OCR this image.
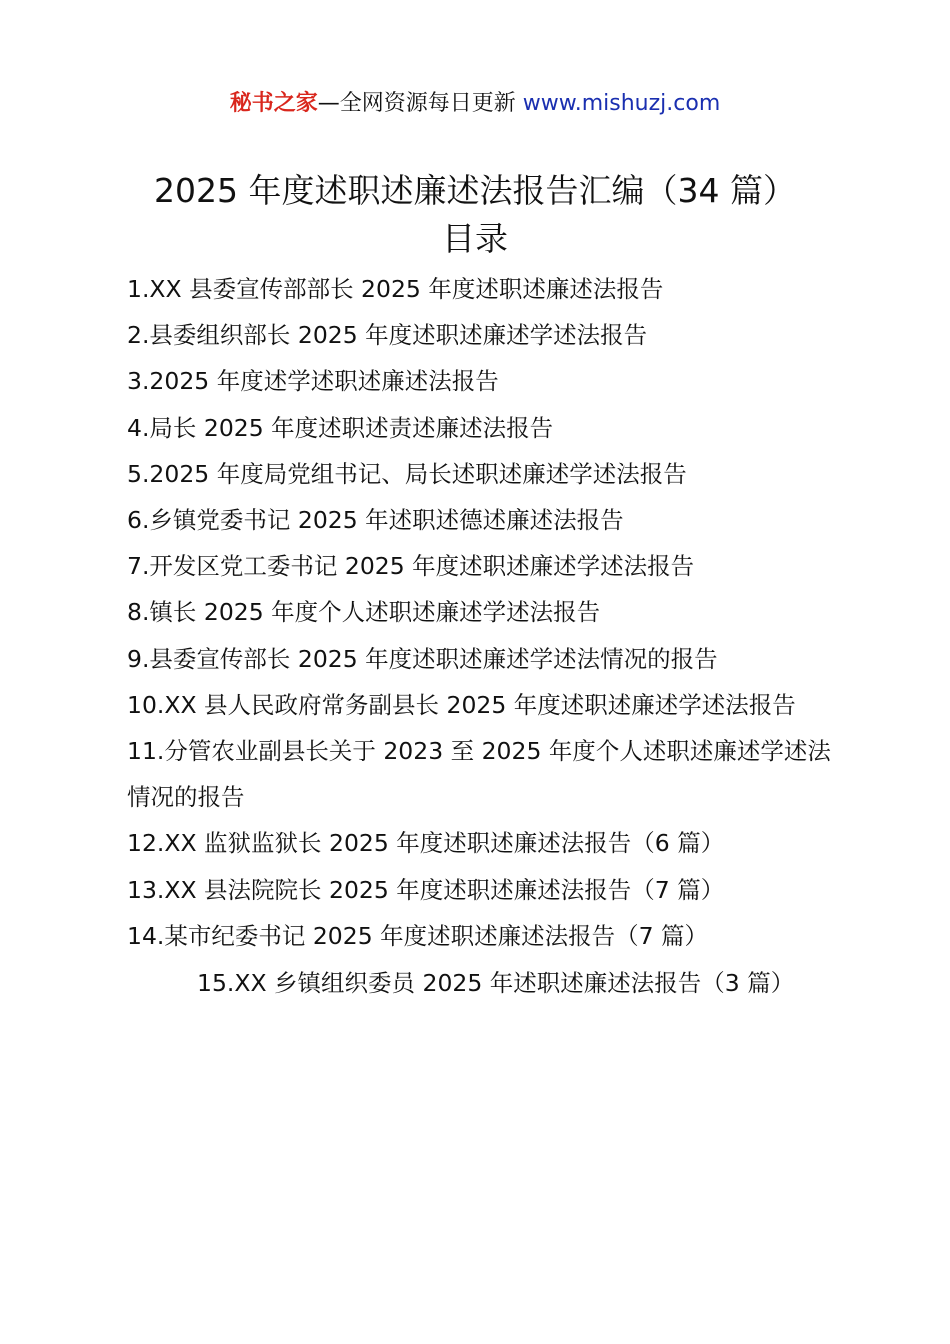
秘书之家—全网资源每日更新 www.mishuzj.com
2025 年度述职述廉述法报告汇编（34 篇）
目录
1.XX 县委宣传部部长 2025 年度述职述廉述法报告
2.县委组织部长 2025 年度述职述廉述学述法报告
3.2025 年度述学述职述廉述法报告
4.局长 2025 年度述职述责述廉述法报告
5.2025 年度局党组书记、局长述职述廉述学述法报告
6.乡镇党委书记 2025 年述职述德述廉述法报告
7.开发区党工委书记 2025 年度述职述廉述学述法报告
8.镇长 2025 年度个人述职述廉述学述法报告
9.县委宣传部长 2025 年度述职述廉述学述法情况的报告
10.XX 县人民政府常务副县长 2025 年度述职述廉述学述法报告
11.分管农业副县长关于 2023 至 2025 年度个人述职述廉述学述法情况的报告
12.XX 监狱监狱长 2025 年度述职述廉述法报告（6 篇）
13.XX 县法院院长 2025 年度述职述廉述法报告（7 篇）
14.某市纪委书记 2025 年度述职述廉述法报告（7 篇）
15.XX 乡镇组织委员 2025 年述职述廉述法报告（3 篇）
